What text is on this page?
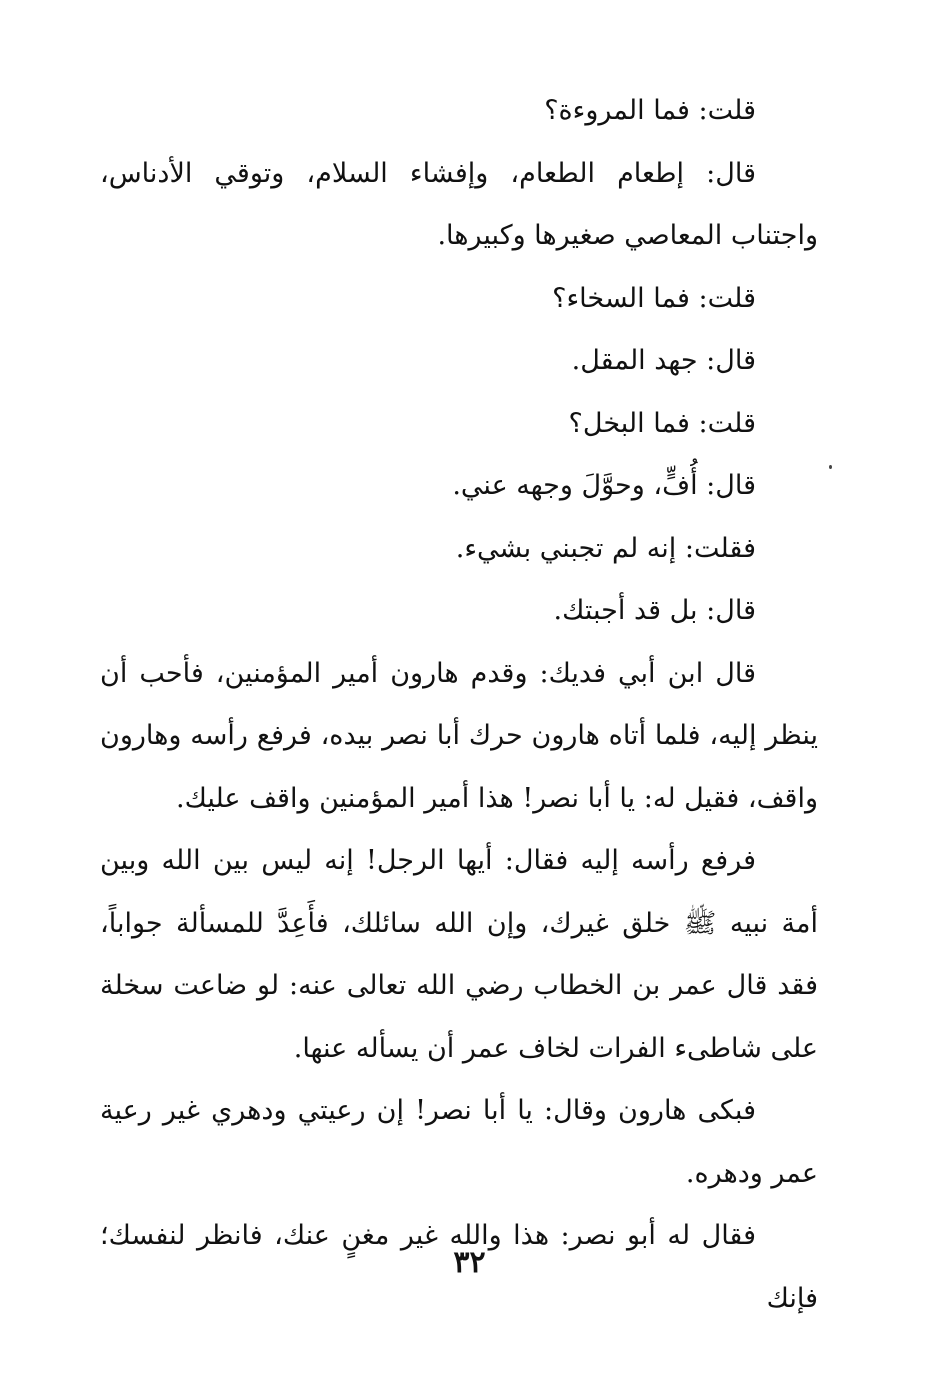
قلت: فما المروءة؟

قال: إطعام الطعام، وإفشاء السلام، وتوقي الأدناس، واجتناب المعاصي صغيرها وكبيرها.

قلت: فما السخاء؟

قال: جهد المقل.

قلت: فما البخل؟

قال: أُفٍّ، وحوَّلَ وجهه عني.

فقلت: إنه لم تجبني بشيء.

قال: بل قد أجبتك.

قال ابن أبي فديك: وقدم هارون أمير المؤمنين، فأحب أن ينظر إليه، فلما أتاه هارون حرك أبا نصر بيده، فرفع رأسه وهارون واقف، فقيل له: يا أبا نصر! هذا أمير المؤمنين واقف عليك.

فرفع رأسه إليه فقال: أيها الرجل! إنه ليس بين الله وبين أمة نبيه ﷺ خلق غيرك، وإن الله سائلك، فأَعِدَّ للمسألة جواباً، فقد قال عمر بن الخطاب رضي الله تعالى عنه: لو ضاعت سخلة على شاطىء الفرات لخاف عمر أن يسأله عنها.

فبكى هارون وقال: يا أبا نصر! إن رعيتي ودهري غير رعية عمر ودهره.

فقال له أبو نصر: هذا والله غير مغنٍ عنك، فانظر لنفسك؛ فإنك

٣٢
